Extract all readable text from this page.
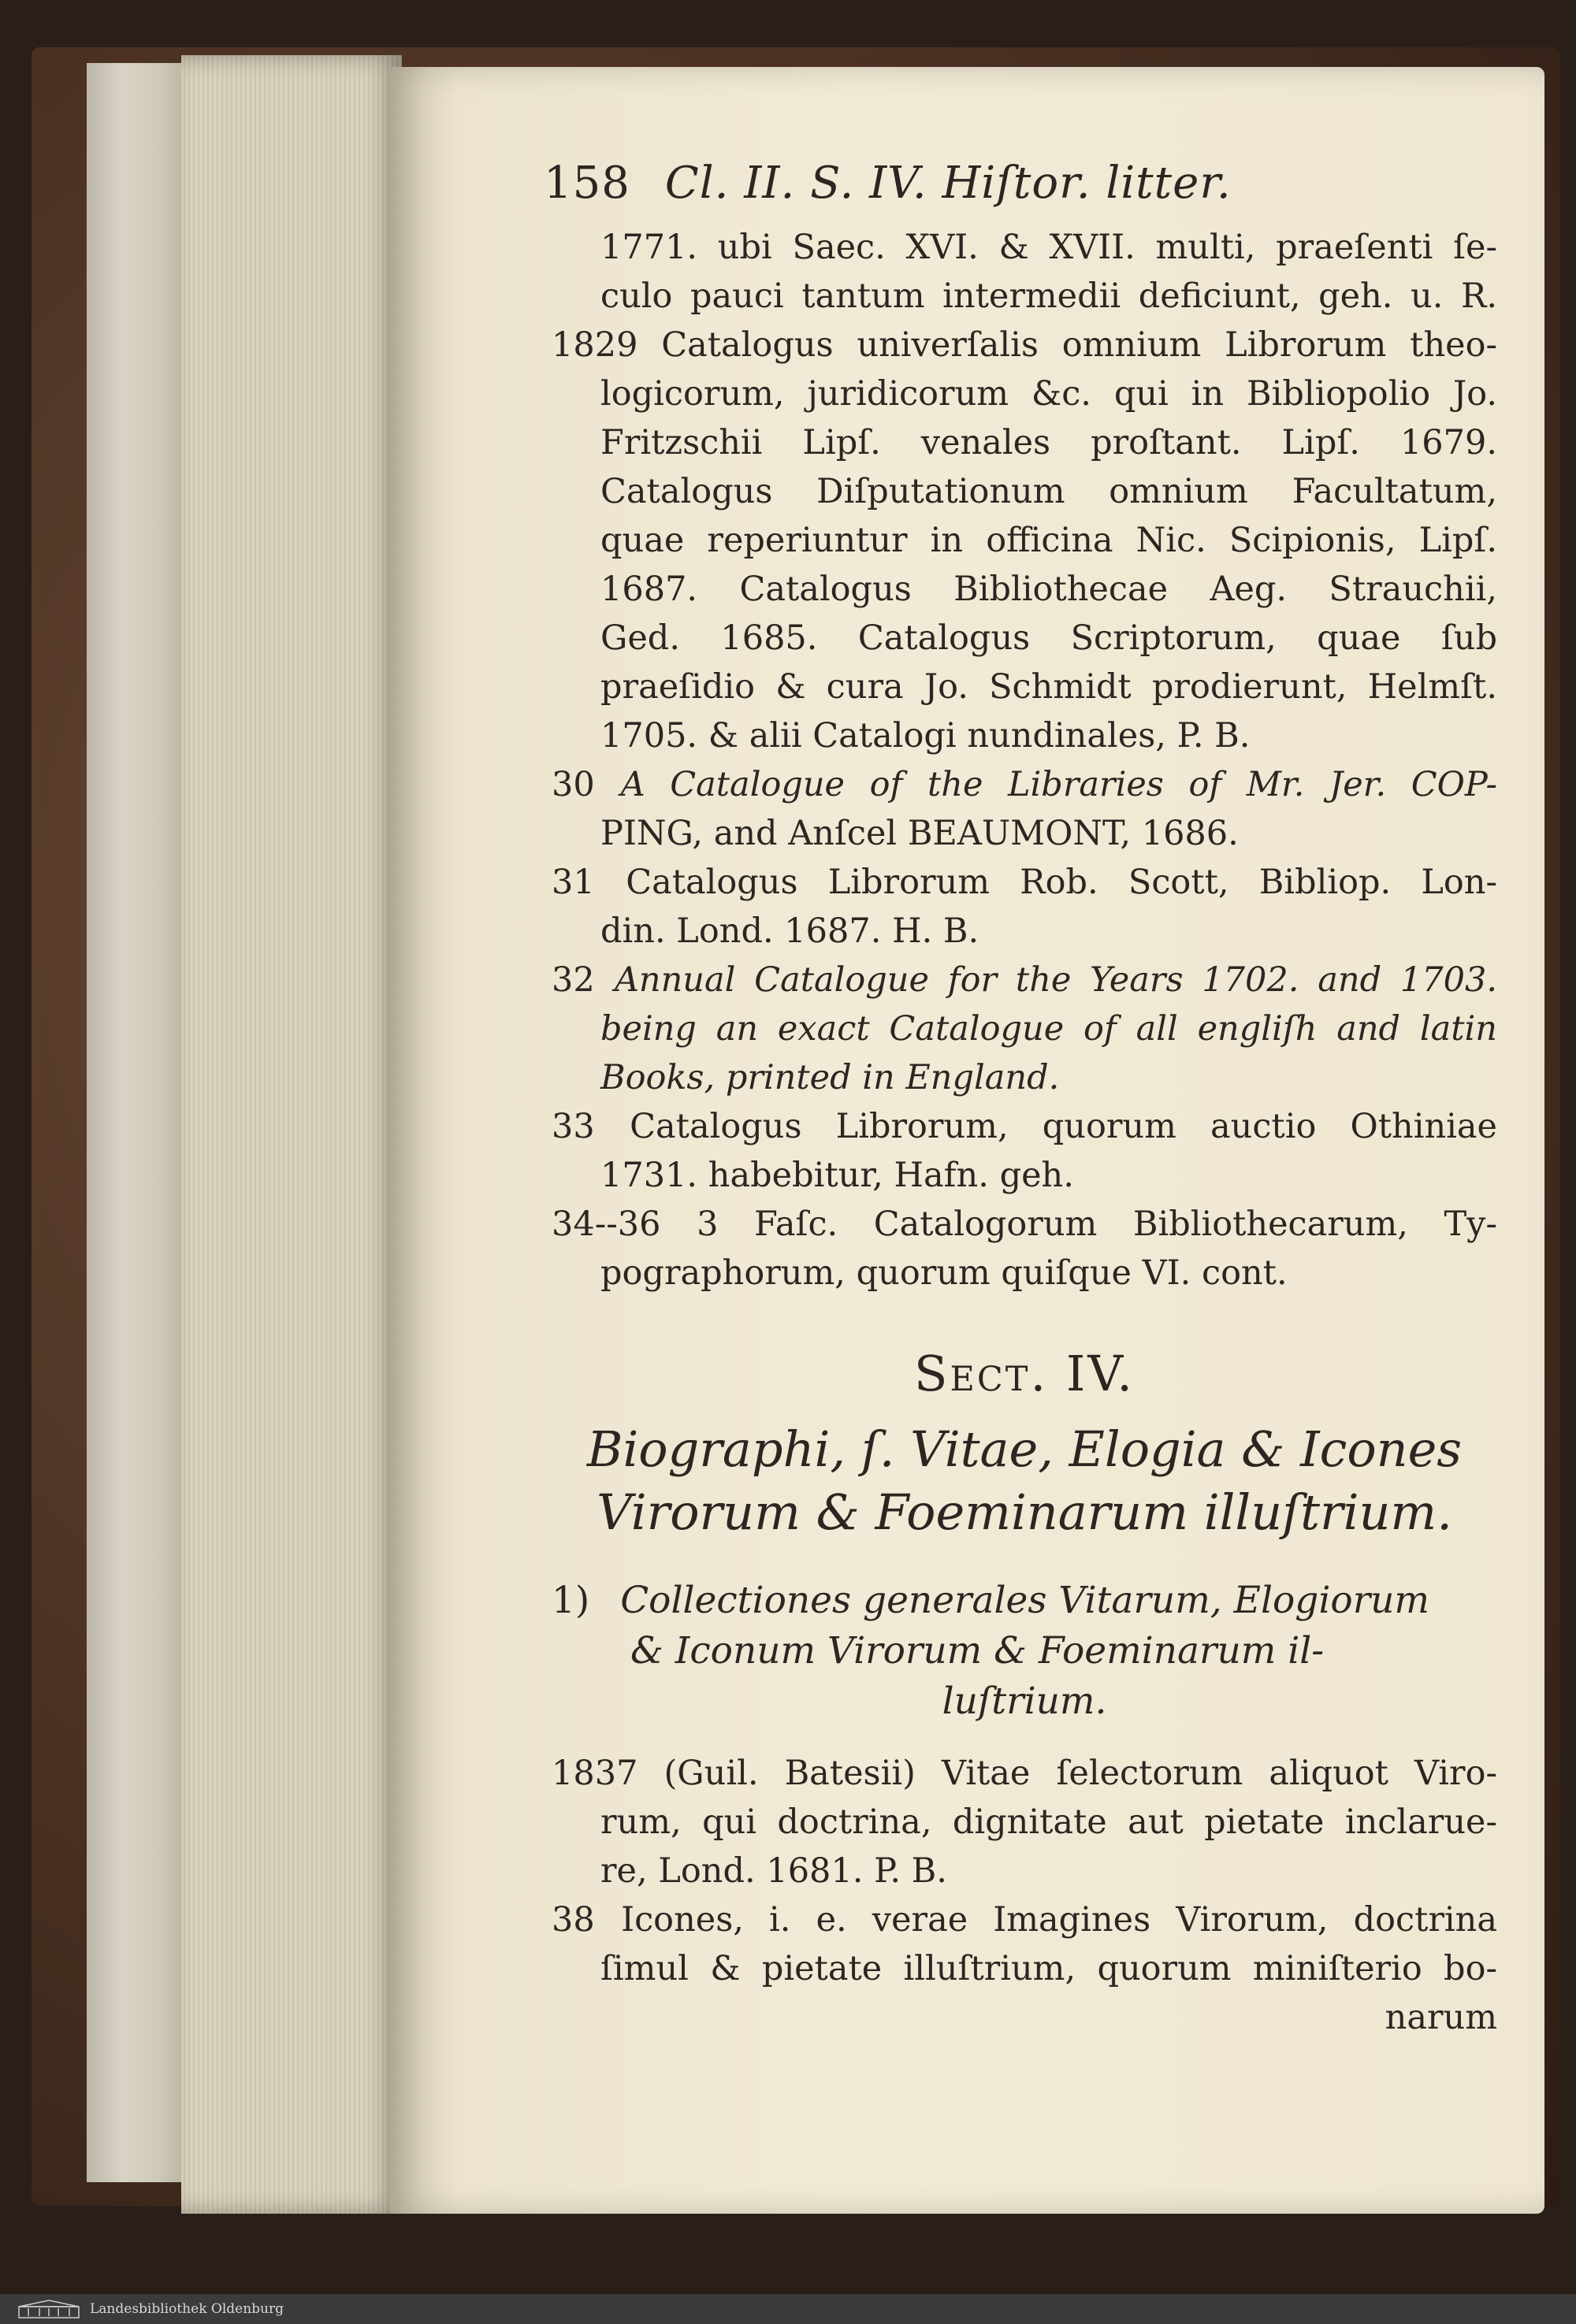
158 Cl. II. S. IV. Hiſtor. litter.
1771. ubi Saec. XVI. & XVII. multi, praeſenti ſe-
culo pauci tantum intermedii deficiunt, geh. u. R.
1829 Catalogus univerſalis omnium Librorum theo-
logicorum, juridicorum &c. qui in Bibliopolio Jo.
Fritzschii Lipſ. venales proſtant. Lipſ. 1679.
Catalogus Diſputationum omnium Facultatum,
quae reperiuntur in officina Nic. Scipionis, Lipſ.
1687. Catalogus Bibliothecae Aeg. Strauchii,
Ged. 1685. Catalogus Scriptorum, quae ſub
praeſidio & cura Jo. Schmidt prodierunt, Helmſt.
1705. & alii Catalogi nundinales, P. B.
30 A Catalogue of the Libraries of Mr. Jer. COP-
PING, and Anſcel BEAUMONT, 1686.
31 Catalogus Librorum Rob. Scott, Bibliop. Lon-
din. Lond. 1687. H. B.
32 Annual Catalogue for the Years 1702. and 1703.
being an exact Catalogue of all engliſh and latin
Books, printed in England.
33 Catalogus Librorum, quorum auctio Othiniae
1731. habebitur, Hafn. geh.
34--36 3 Faſc. Catalogorum Bibliothecarum, Ty-
pographorum, quorum quiſque VI. cont.
Sect. IV.
Biographi, ſ. Vitae, Elogia & Icones
Virorum & Foeminarum illuſtrium.
1) Collectiones generales Vitarum, Elogiorum
& Iconum Virorum & Foeminarum il-
luſtrium.
1837 (Guil. Batesii) Vitae ſelectorum aliquot Viro-
rum, qui doctrina, dignitate aut pietate inclarue-
re, Lond. 1681. P. B.
38 Icones, i. e. verae Imagines Virorum, doctrina
ſimul & pietate illuſtrium, quorum miniſterio bo-
narum
Landesbibliothek Oldenburg
